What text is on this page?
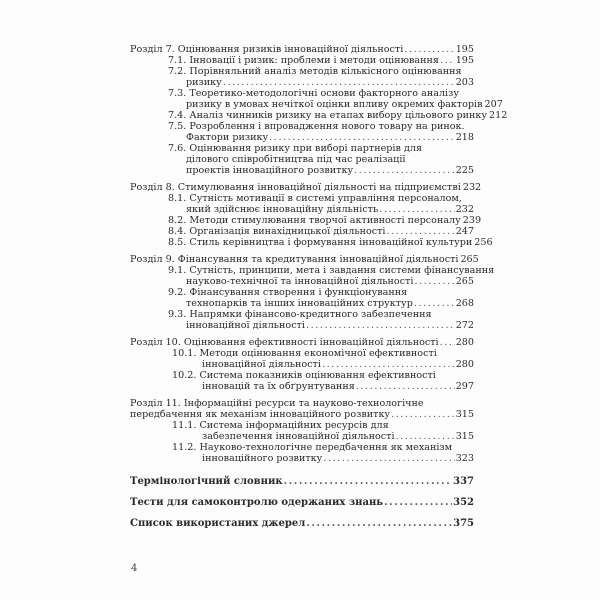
Розділ 7. Оцінювання ризиків інноваційної діяльності .....	195
7.1. Інновації і ризик: проблеми і методи оцінювання ..... 195
7.2. Порівняльний аналіз методів кількісного оцінювання
ризику .....	203
7.3. Теоретико-методологічні основи факторного аналізу
ризику в умовах нечіткої оцінки впливу окремих факторів 207
7.4. Аналіз чинників ризику на етапах вибору цільового ринку 212
7.5. Розроблення і впровадження нового товару на ринок.
Фактори ризику .....	218
7.6. Оцінювання ризику при виборі партнерів для
ділового співробітництва під час реалізації
проектів інноваційного розвитку .....	225
Розділ 8. Стимулювання інноваційної діяльності на підприємстві 232
8.1. Сутність мотивації в системі управління персоналом,
який здійснює інноваційну діяльність .....	232
8.2. Методи стимулювання творчої активності персоналу 239
8.4. Організація винахідницької діяльності .....	247
8.5. Стиль керівництва і формування інноваційної культури 256
Розділ 9. Фінансування та кредитування інноваційної діяльності 265
9.1. Сутність, принципи, мета і завдання системи фінансування
науково-технічної та інноваційної діяльності .....	265
9.2. Фінансування створення і функціонування
технопарків та інших інноваційних структур .....	268
9.3. Напрямки фінансово-кредитного забезпечення
інноваційної діяльності .....	272
Розділ 10. Оцінювання ефективності інноваційної діяльності ..... 280
10.1. Методи оцінювання економічної ефективності
інноваційної діяльності .....	280
10.2. Система показників оцінювання ефективності
інновацій та їх обґрунтування .....	297
Розділ 11. Інформаційні ресурси та науково-технологічне
передбачення як механізм інноваційного розвитку .....	315
11.1. Система інформаційних ресурсів для
забезпечення інноваційної діяльності .....	315
11.2. Науково-технологічне передбачення як механізм
інноваційного розвитку .....	323
Термінологічний словник .....	337
Тести для самоконтролю одержаних знань .....	352
Список використаних джерел .....	375
4
